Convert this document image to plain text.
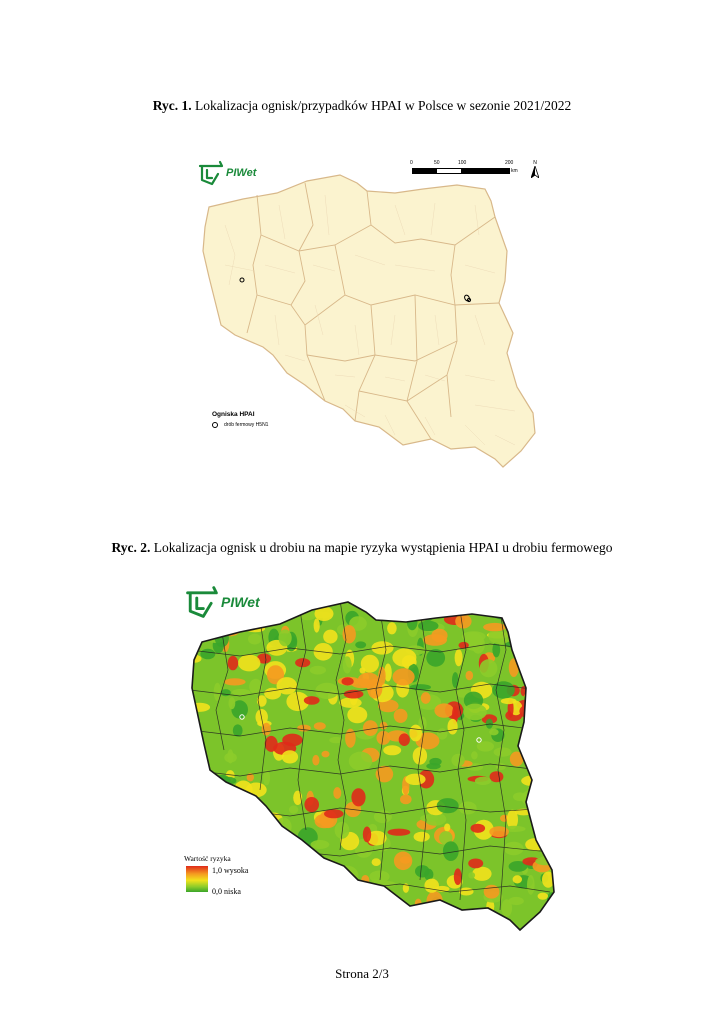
Ryc. 1. Lokalizacja ognisk/przypadków HPAI w Polsce w sezonie 2021/2022
PIWet
0	50	100	200
km
N
Ogniska HPAI
drób fermowy H5N1
Ryc. 2. Lokalizacja ognisk u drobiu na mapie ryzyka wystąpienia HPAI u drobiu fermowego
PIWet
Wartość ryzyka
1,0 wysoka
0,0 niska
Strona 2/3
